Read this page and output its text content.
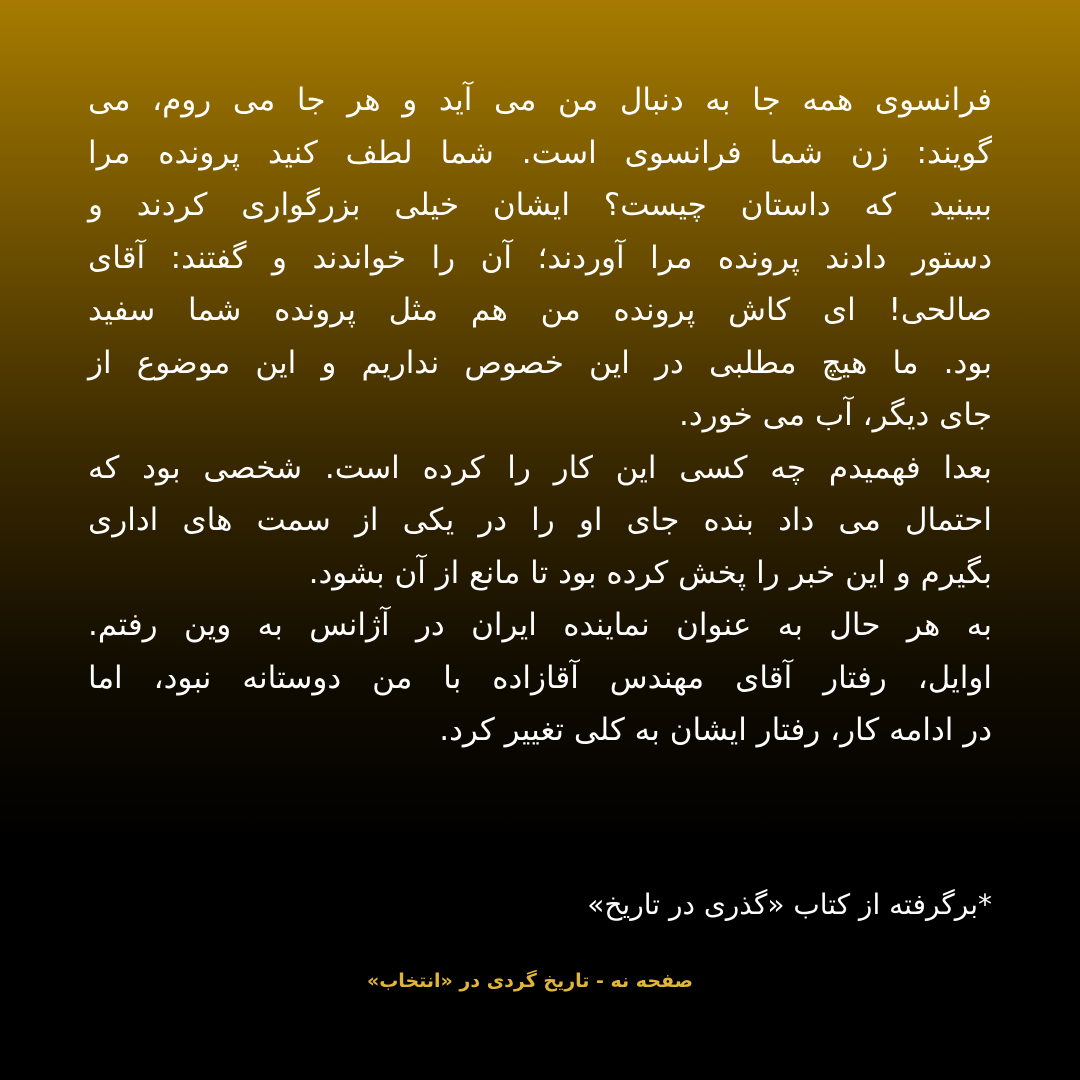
فرانسوی همه جا به دنبال من می آید و هر جا می روم، می
گویند: زن شما فرانسوی است. شما لطف کنید پرونده مرا
ببینید که داستان چیست؟ ایشان خیلی بزرگواری کردند و
دستور دادند پرونده مرا آوردند؛ آن را خواندند و گفتند: آقای
صالحی! ای کاش پرونده من هم مثل پرونده شما سفید
بود. ما هیچ مطلبی در این خصوص نداریم و این موضوع از
جای دیگر، آب می خورد.
بعدا فهمیدم چه کسی این کار را کرده است. شخصی بود که
احتمال می داد بنده جای او را در یکی از سمت های اداری
بگیرم و این خبر را پخش کرده بود تا مانع از آن بشود.
به هر حال به عنوان نماینده ایران در آژانس به وین رفتم.
اوایل، رفتار آقای مهندس آقازاده با من دوستانه نبود، اما
در ادامه کار، رفتار ایشان به کلی تغییر کرد.
*برگرفته از کتاب «گذری در تاریخ»
صفحه نه - تاریخ گردی در «انتخاب»
